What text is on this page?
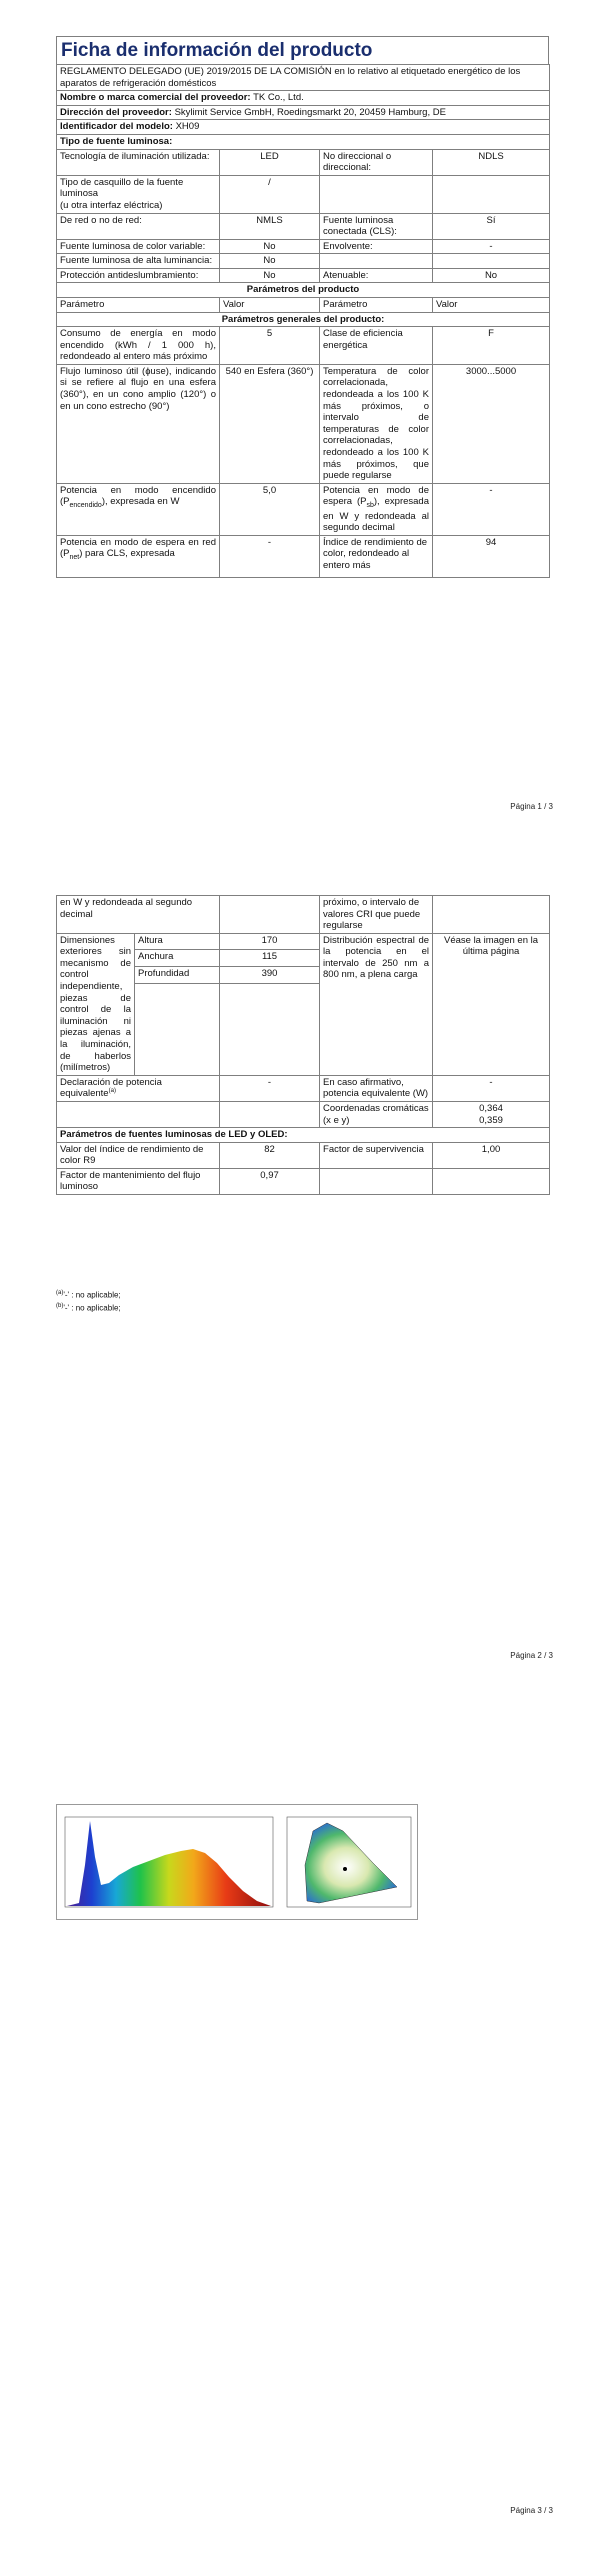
Ficha de información del producto
REGLAMENTO DELEGADO (UE) 2019/2015 DE LA COMISIÓN en lo relativo al etiquetado energético de los aparatos de refrigeración domésticos			
Nombre o marca comercial del proveedor: TK Co., Ltd.			
Dirección del proveedor: Skylimit Service GmbH, Roedingsmarkt 20, 20459 Hamburg, DE			
Identificador del modelo: XH09			
Tipo de fuente luminosa:			
Tecnología de iluminación utilizada:	LED	No direccional o direccional:	NDLS

Tipo de casquillo de la fuente luminosa
(u otra interfaz eléctrica)	/		
De red o no de red:	NMLS	Fuente luminosa conectada (CLS):	Sí
Fuente luminosa de color variable:	No	Envolvente:	-
Fuente luminosa de alta luminancia:	No		
Protección antideslumbramiento:	No	Atenuable:	No
Parámetros del producto			
Parámetro	Valor	Parámetro	Valor
Parámetros generales del producto:			
Consumo de energía en modo encendido (kWh / 1 000 h), redondeado al entero más próximo	5	Clase de eficiencia energética	F
Flujo luminoso útil (ɸuse), indicando si se refiere al flujo en una esfera (360°), en un cono amplio (120°) o en un cono estrecho (90°)	540 en Esfera (360°)	Temperatura de color correlacionada, redondeada a los 100 K más próximos, o intervalo de temperaturas de color correlacionadas, redondeado a los 100 K más próximos, que puede regularse	3000...5000
Potencia en modo encendido $(P_{encendido})$, expresada en W	5,0	Potencia en modo de espera $(P_{sb})$, expresada en W y redondeada al segundo decimal	-
Potencia en modo de espera en red $(P_{net})$ para CLS, expresada	-	Índice de rendimiento de color, redondeado al entero más	94
Página 1 / 3
en W y redondeada al segundo decimal			próximo, o intervalo de valores CRI que puede regularse	
Dimensiones exteriores sin mecanismo de control independiente, piezas de control de la iluminación ni piezas ajenas a la iluminación, de haberlos (milímetros)	Altura	170	Distribución espectral de la potencia en el intervalo de 250 nm a 800 nm, a plena carga	Véase la imagen en la última página
	Anchura	115		
	Profundidad	390		

Declaración de potencia equivalente$^{(a)}$		-	En caso afirmativo, potencia equivalente (W)	-
			Coordenadas cromáticas (x e y)	0,364
0,359

Parámetros de fuentes luminosas de LED y OLED:				
Valor del índice de rendimiento de color R9		82	Factor de supervivencia	1,00
Factor de mantenimiento del flujo luminoso		0,97		
$^{(a)}$'-' : no aplicable;
$^{(b)}$'-' : no aplicable;
Página 2 / 3
Página 3 / 3
